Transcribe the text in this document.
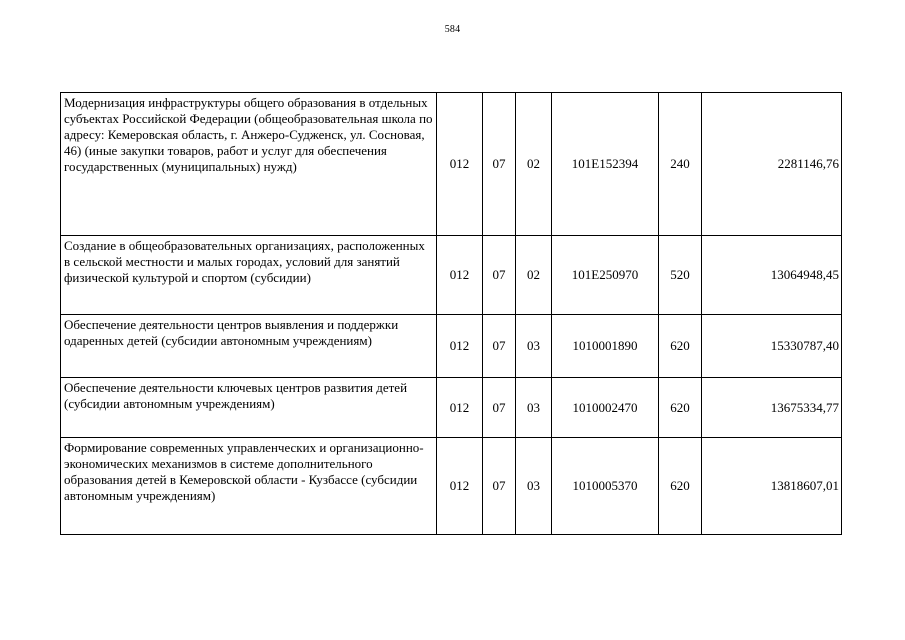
584
Модернизация инфраструктуры общего образования в отдельных субъектах Российской Федерации (общеобразовательная школа по адресу: Кемеровская область, г. Анжеро-Судженск, ул. Сосновая, 46) (иные закупки товаров, работ и услуг для обеспечения государственных (муниципальных) нужд)	012	07	02	101E152394	240	2281146,76
Создание в общеобразовательных организациях, расположенных в сельской местности и малых городах, условий для занятий физической культурой и спортом (субсидии)	012	07	02	101E250970	520	13064948,45
Обеспечение деятельности центров выявления и поддержки одаренных детей (субсидии автономным учреждениям)	012	07	03	1010001890	620	15330787,40
Обеспечение деятельности ключевых центров развития детей (субсидии автономным учреждениям)	012	07	03	1010002470	620	13675334,77
Формирование современных управленческих и организационно-экономических механизмов в системе дополнительного образования детей в Кемеровской области - Кузбассе (субсидии автономным учреждениям)	012	07	03	1010005370	620	13818607,01
